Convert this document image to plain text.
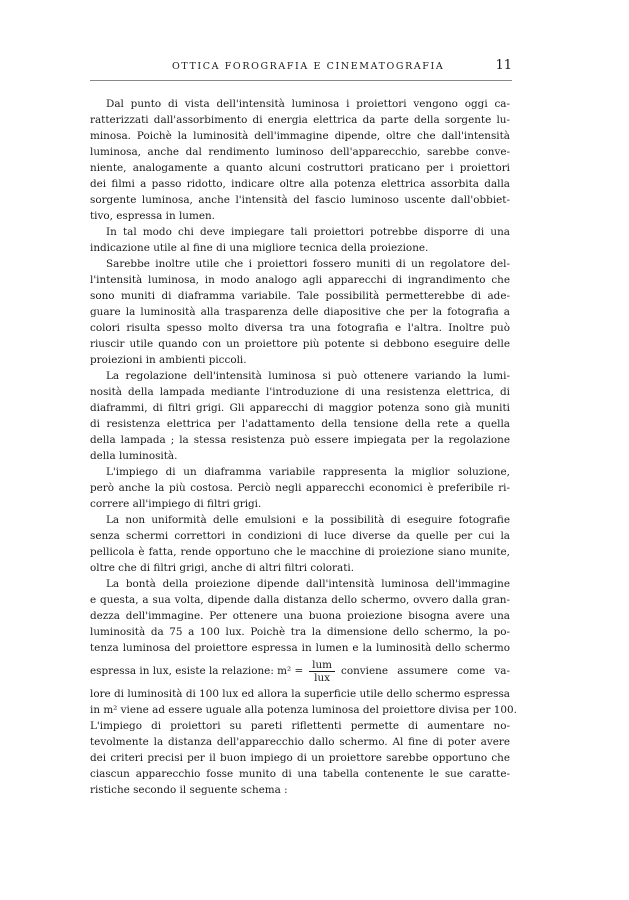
OTTICA FOROGRAFIA E CINEMATOGRAFIA	11
Dal punto di vista dell'intensità luminosa i proiettori vengono oggi ca-
ratterizzati dall'assorbimento di energia elettrica da parte della sorgente lu-
minosa. Poichè la luminosità dell'immagine dipende, oltre che dall'intensità
luminosa, anche dal rendimento luminoso dell'apparecchio, sarebbe conve-
niente, analogamente a quanto alcuni costruttori praticano per i proiettori
dei filmi a passo ridotto, indicare oltre alla potenza elettrica assorbita dalla
sorgente luminosa, anche l'intensità del fascio luminoso uscente dall'obbiet-
tivo, espressa in lumen.
In tal modo chi deve impiegare tali proiettori potrebbe disporre di una
indicazione utile al fine di una migliore tecnica della proiezione.
Sarebbe inoltre utile che i proiettori fossero muniti di un regolatore del-
l'intensità luminosa, in modo analogo agli apparecchi di ingrandimento che
sono muniti di diaframma variabile. Tale possibilità permetterebbe di ade-
guare la luminosità alla trasparenza delle diapositive che per la fotografia a
colori risulta spesso molto diversa tra una fotografia e l'altra. Inoltre può
riuscir utile quando con un proiettore più potente si debbono eseguire delle
proiezioni in ambienti piccoli.
La regolazione dell'intensità luminosa si può ottenere variando la lumi-
nosità della lampada mediante l'introduzione di una resistenza elettrica, di
diaframmi, di filtri grigi. Gli apparecchi di maggior potenza sono già muniti
di resistenza elettrica per l'adattamento della tensione della rete a quella
della lampada ; la stessa resistenza può essere impiegata per la regolazione
della luminosità.
L'impiego di un diaframma variabile rappresenta la miglior soluzione,
però anche la più costosa. Perciò negli apparecchi economici è preferibile ri-
correre all'impiego di filtri grigi.
La non uniformità delle emulsioni e la possibilità di eseguire fotografie
senza schermi correttori in condizioni di luce diverse da quelle per cui la
pellicola è fatta, rende opportuno che le macchine di proiezione siano munite,
oltre che di filtri grigi, anche di altri filtri colorati.
La bontà della proiezione dipende dall'intensità luminosa dell'immagine
e questa, a sua volta, dipende dalla distanza dello schermo, ovvero dalla gran-
dezza dell'immagine. Per ottenere una buona proiezione bisogna avere una
luminosità da 75 a 100 lux. Poichè tra la dimensione dello schermo, la po-
tenza luminosa del proiettore espressa in lumen e la luminosità dello schermo
espressa in lux, esiste la relazione: $m^2 = \frac{\text{lum}}{\text{lux}}$ conviene assumere come va-
lore di luminosità di 100 lux ed allora la superficie utile dello schermo espressa
in m² viene ad essere uguale alla potenza luminosa del proiettore divisa per 100.
L'impiego di proiettori su pareti riflettenti permette di aumentare no-
tevolmente la distanza dell'apparecchio dallo schermo. Al fine di poter avere
dei criteri precisi per il buon impiego di un proiettore sarebbe opportuno che
ciascun apparecchio fosse munito di una tabella contenente le sue caratte-
ristiche secondo il seguente schema :
